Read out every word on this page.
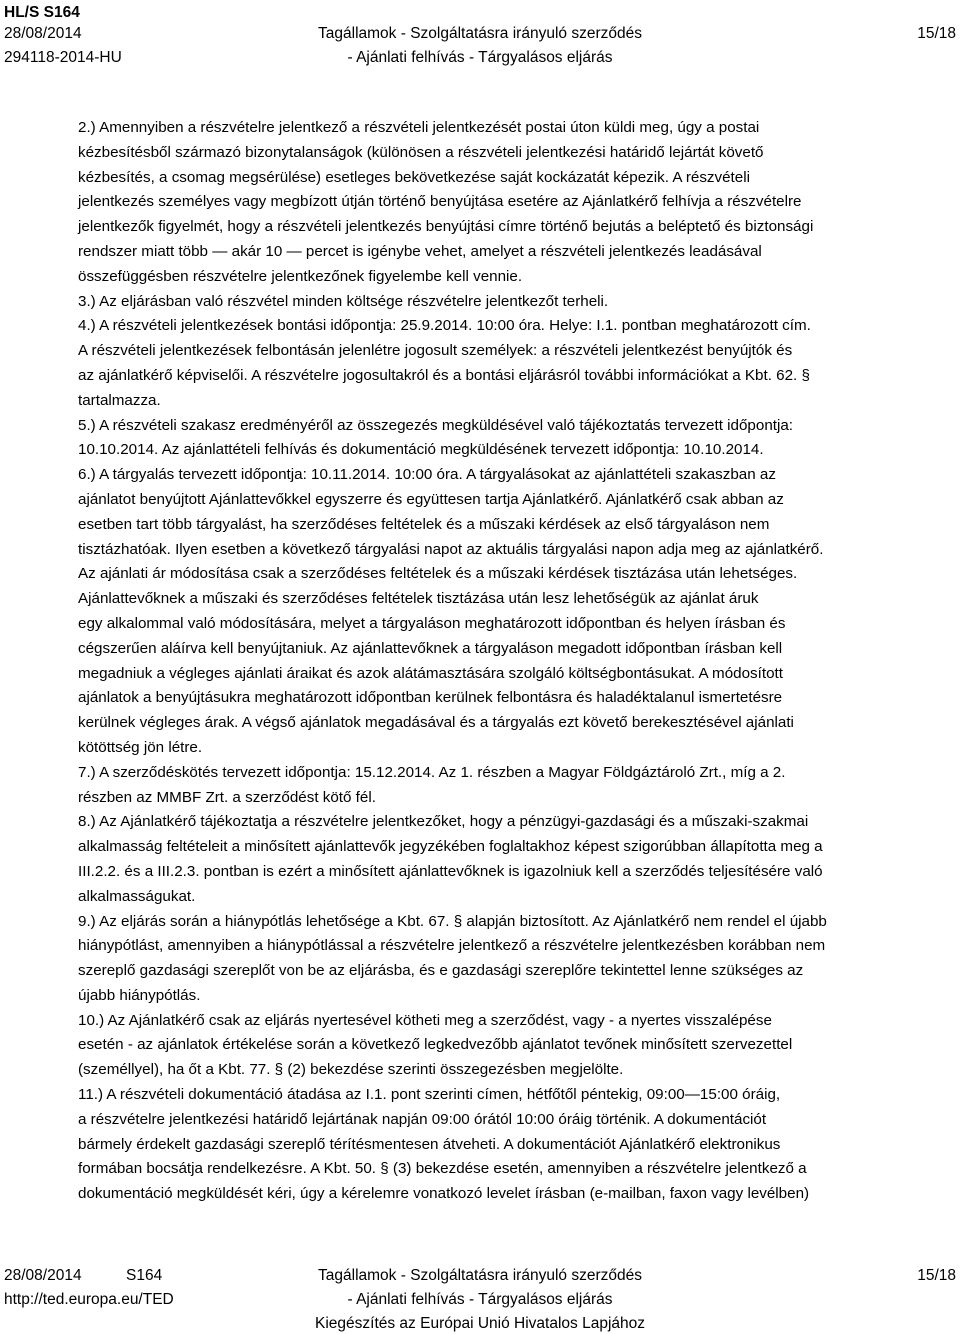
HL/S S164
28/08/2014
294118-2014-HU
Tagállamok - Szolgáltatásra irányuló szerződés
- Ajánlati felhívás - Tárgyalásos eljárás
15/18

2.) Amennyiben a részvételre jelentkező a részvételi jelentkezését postai úton küldi meg, úgy a postai

kézbesítésből származó bizonytalanságok (különösen a részvételi jelentkezési határidő lejártát követő

kézbesítés, a csomag megsérülése) esetleges bekövetkezése saját kockázatát képezik. A részvételi

jelentkezés személyes vagy megbízott útján történő benyújtása esetére az Ajánlatkérő felhívja a részvételre

jelentkezők figyelmét, hogy a részvételi jelentkezés benyújtási címre történő bejutás a beléptető és biztonsági

rendszer miatt több — akár 10 — percet is igénybe vehet, amelyet a részvételi jelentkezés leadásával

összefüggésben részvételre jelentkezőnek figyelembe kell vennie.

3.) Az eljárásban való részvétel minden költsége részvételre jelentkezőt terheli.

4.) A részvételi jelentkezések bontási időpontja: 25.9.2014. 10:00 óra. Helye: I.1. pontban meghatározott cím.

A részvételi jelentkezések felbontásán jelenlétre jogosult személyek: a részvételi jelentkezést benyújtók és

az ajánlatkérő képviselői. A részvételre jogosultakról és a bontási eljárásról további információkat a Kbt. 62. §

tartalmazza.

5.) A részvételi szakasz eredményéről az összegezés megküldésével való tájékoztatás tervezett időpontja:

10.10.2014. Az ajánlattételi felhívás és dokumentáció megküldésének tervezett időpontja: 10.10.2014.

6.) A tárgyalás tervezett időpontja: 10.11.2014. 10:00 óra. A tárgyalásokat az ajánlattételi szakaszban az

ajánlatot benyújtott Ajánlattevőkkel egyszerre és együttesen tartja Ajánlatkérő. Ajánlatkérő csak abban az

esetben tart több tárgyalást, ha szerződéses feltételek és a műszaki kérdések az első tárgyaláson nem

tisztázhatóak. Ilyen esetben a következő tárgyalási napot az aktuális tárgyalási napon adja meg az ajánlatkérő.

Az ajánlati ár módosítása csak a szerződéses feltételek és a műszaki kérdések tisztázása után lehetséges.

Ajánlattevőknek a műszaki és szerződéses feltételek tisztázása után lesz lehetőségük az ajánlat áruk

egy alkalommal való módosítására, melyet a tárgyaláson meghatározott időpontban és helyen írásban és

cégszerűen aláírva kell benyújtaniuk. Az ajánlattevőknek a tárgyaláson megadott időpontban írásban kell

megadniuk a végleges ajánlati áraikat és azok alátámasztására szolgáló költségbontásukat. A módosított

ajánlatok a benyújtásukra meghatározott időpontban kerülnek felbontásra és haladéktalanul ismertetésre

kerülnek végleges árak. A végső ajánlatok megadásával és a tárgyalás ezt követő berekesztésével ajánlati

kötöttség jön létre.

7.) A szerződéskötés tervezett időpontja: 15.12.2014. Az 1. részben a Magyar Földgáztároló Zrt., míg a 2.

részben az MMBF Zrt. a szerződést kötő fél.

8.) Az Ajánlatkérő tájékoztatja a részvételre jelentkezőket, hogy a pénzügyi-gazdasági és a műszaki-szakmai

alkalmasság feltételeit a minősített ajánlattevők jegyzékében foglaltakhoz képest szigorúbban állapította meg a

III.2.2. és a III.2.3. pontban is ezért a minősített ajánlattevőknek is igazolniuk kell a szerződés teljesítésére való

alkalmasságukat.

9.) Az eljárás során a hiánypótlás lehetősége a Kbt. 67. § alapján biztosított. Az Ajánlatkérő nem rendel el újabb

hiánypótlást, amennyiben a hiánypótlással a részvételre jelentkező a részvételre jelentkezésben korábban nem

szereplő gazdasági szereplőt von be az eljárásba, és e gazdasági szereplőre tekintettel lenne szükséges az

újabb hiánypótlás.

10.) Az Ajánlatkérő csak az eljárás nyertesével kötheti meg a szerződést, vagy - a nyertes visszalépése

esetén - az ajánlatok értékelése során a következő legkedvezőbb ajánlatot tevőnek minősített szervezettel

(személlyel), ha őt a Kbt. 77. § (2) bekezdése szerinti összegezésben megjelölte.

11.) A részvételi dokumentáció átadása az I.1. pont szerinti címen, hétfőtől péntekig, 09:00—15:00 óráig,

a részvételre jelentkezési határidő lejártának napján 09:00 órától 10:00 óráig történik. A dokumentációt

bármely érdekelt gazdasági szereplő térítésmentesen átveheti. A dokumentációt Ajánlatkérő elektronikus

formában bocsátja rendelkezésre. A Kbt. 50. § (3) bekezdése esetén, amennyiben a részvételre jelentkező a

dokumentáció megküldését kéri, úgy a kérelemre vonatkozó levelet írásban (e-mailban, faxon vagy levélben)

28/08/2014	S164
http://ted.europa.eu/TED
Tagállamok - Szolgáltatásra irányuló szerződés
- Ajánlati felhívás - Tárgyalásos eljárás
Kiegészítés az Európai Unió Hivatalos Lapjához
15/18
